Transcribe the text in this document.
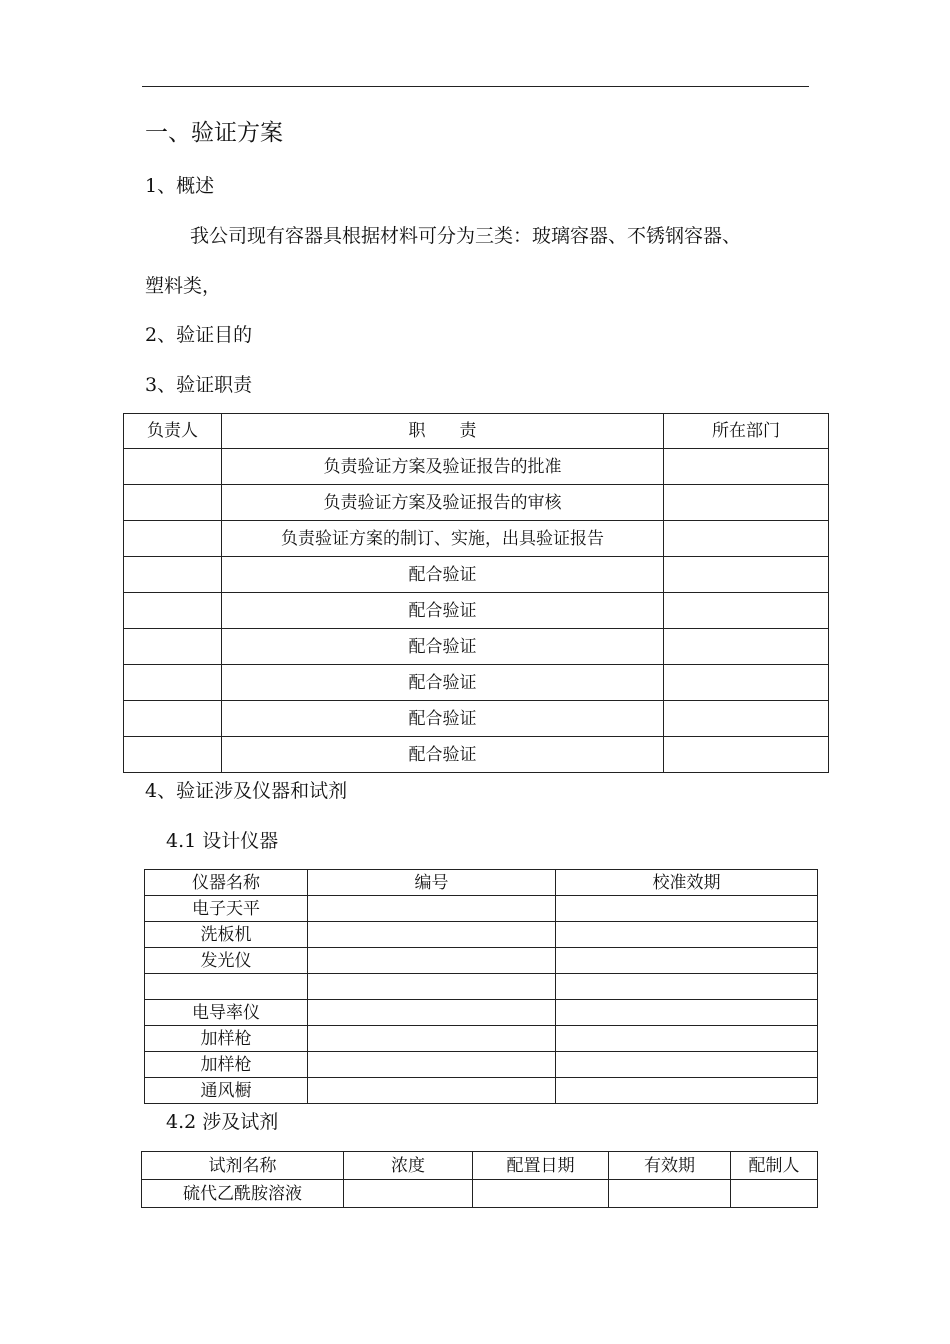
一、验证方案
1、概述
我公司现有容器具根据材料可分为三类：玻璃容器、不锈钢容器、
塑料类，
2、验证目的
3、验证职责
负责人	职　　责	所在部门
	负责验证方案及验证报告的批准	
	负责验证方案及验证报告的审核	
	负责验证方案的制订、实施，出具验证报告	
	配合验证	
	配合验证	
	配合验证	
	配合验证	
	配合验证	
	配合验证	
4、验证涉及仪器和试剂
4.1 设计仪器
仪器名称	编号	校准效期
电子天平		
洗板机		
发光仪		

电导率仪		
加样枪		
加样枪		
通风橱		
4.2 涉及试剂
试剂名称	浓度	配置日期	有效期	配制人
硫代乙酰胺溶液				
